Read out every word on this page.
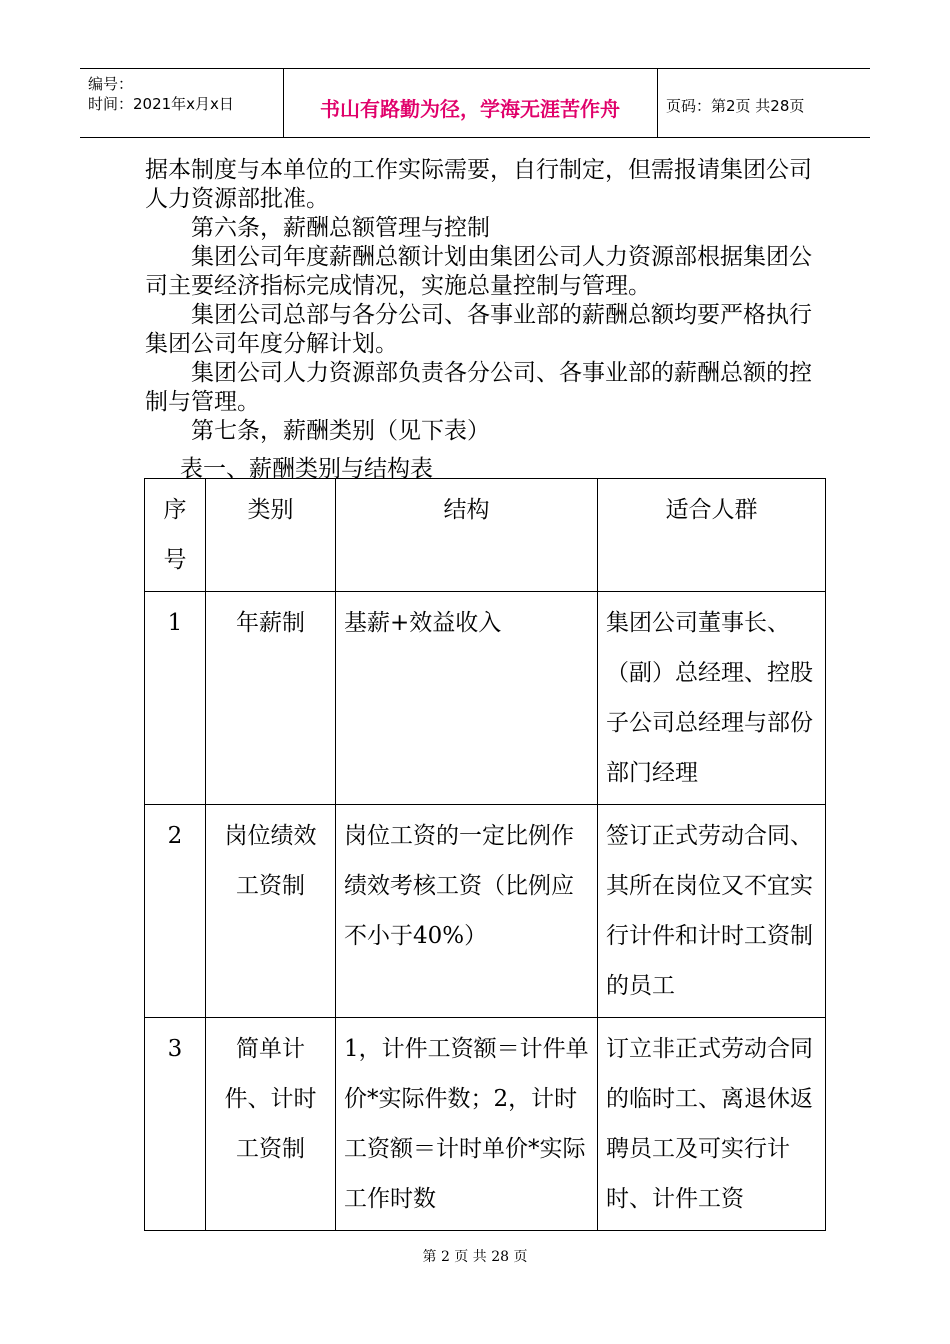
编号：
时间：2021年x月x日	书山有路勤为径，学海无涯苦作舟	页码：第2页 共28页

据本制度与本单位的工作实际需要，自行制定，但需报请集团公司人力资源部批准。

第六条，薪酬总额管理与控制

集团公司年度薪酬总额计划由集团公司人力资源部根据集团公司主要经济指标完成情况，实施总量控制与管理。

集团公司总部与各分公司、各事业部的薪酬总额均要严格执行集团公司年度分解计划。

集团公司人力资源部负责各分公司、各事业部的薪酬总额的控制与管理。

第七条，薪酬类别（见下表）

表一、薪酬类别与结构表
序号	类别	结构	适合人群
1	年薪制	基薪+效益收入	集团公司董事长、（副）总经理、控股子公司总经理与部份部门经理
2	岗位绩效工资制	岗位工资的一定比例作绩效考核工资（比例应不小于40%）	签订正式劳动合同、其所在岗位又不宜实行计件和计时工资制的员工
3	简单计件、计时工资制	1，计件工资额＝计件单价*实际件数；2，计时工资额＝计时单价*实际工作时数	订立非正式劳动合同的临时工、离退休返聘员工及可实行计时、计件工资
第 2 页 共 28 页
